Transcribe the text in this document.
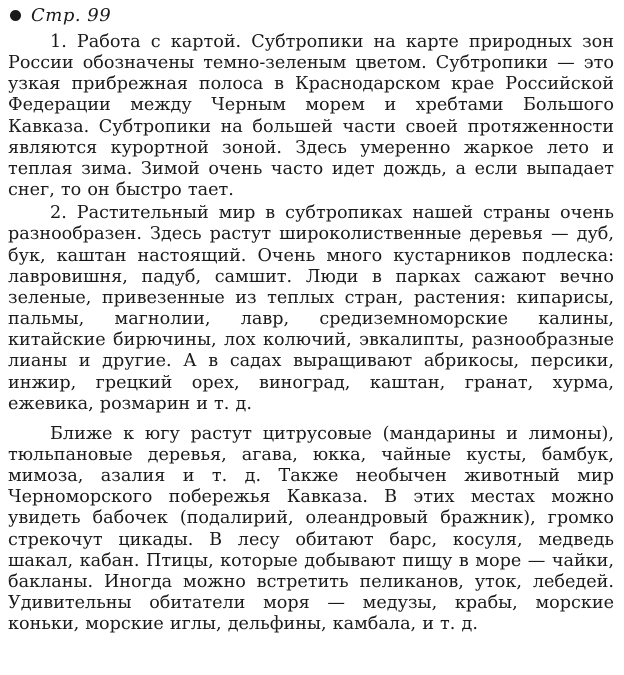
Стр. 99

1. Работа с картой. Субтропики на карте природных зон России обозначены темно-зеленым цветом. Субтропики — это узкая прибрежная полоса в Краснодарском крае Российской Федерации между Черным морем и хребтами Большого Кавказа. Субтропики на большей части своей протяженности являются курортной зоной. Здесь умеренно жаркое лето и теплая зима. Зимой очень часто идет дождь, а если выпадает снег, то он быстро тает.

2. Растительный мир в субтропиках нашей страны очень разнообразен. Здесь растут широколиственные деревья — дуб, бук, каштан настоящий. Очень много кустарников подлеска: лавровишня, падуб, самшит. Люди в парках сажают вечно зеленые, привезенные из теплых стран, растения: кипарисы, пальмы, магнолии, лавр, средиземноморские калины, китайские бирючины, лох колючий, эвкалипты, разнообразные лианы и другие. А в садах выращивают абрикосы, персики, инжир, грецкий орех, виноград, каштан, гранат, хурма, ежевика, розмарин и т. д.

Ближе к югу растут цитрусовые (мандарины и лимоны), тюльпановые деревья, агава, юкка, чайные кусты, бамбук, мимоза, азалия и т. д. Также необычен животный мир Черноморского побережья Кавказа. В этих местах можно увидеть бабочек (подалирий, олеандровый бражник), громко стрекочут цикады. В лесу обитают барс, косуля, медведь шакал, кабан. Птицы, которые добывают пищу в море — чайки, бакланы. Иногда можно встретить пеликанов, уток, лебедей. Удивительны обитатели моря — медузы, крабы, морские коньки, морские иглы, дельфины, камбала, и т. д.
